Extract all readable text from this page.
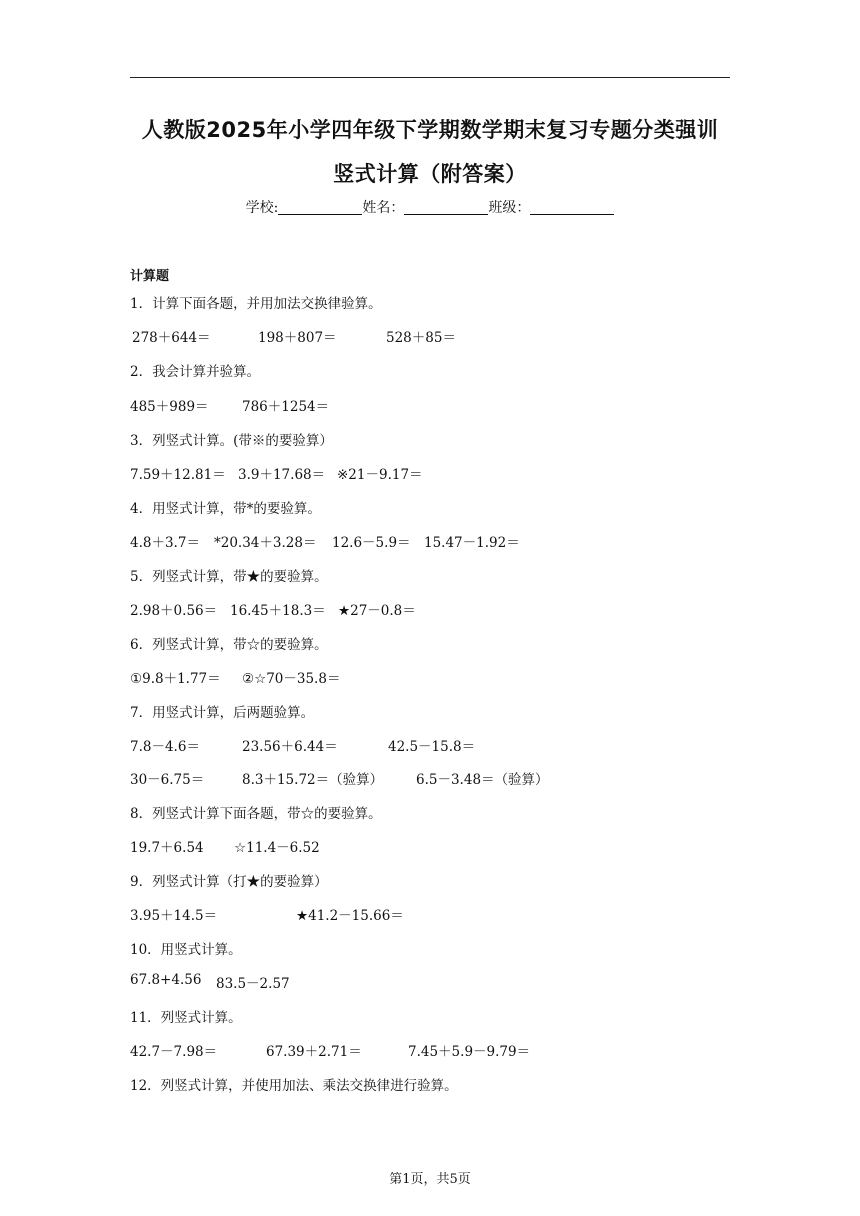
人教版2025年小学四年级下学期数学期末复习专题分类强训
竖式计算（附答案）
学校:	姓名：	班级：
计算题
1．计算下面各题，并用加法交换律验算。
278＋644＝	198＋807＝	528＋85＝
2．我会计算并验算。
485＋989＝ 786＋1254＝
3．列竖式计算。(带※的要验算）
7.59＋12.81＝ 3.9＋17.68＝ ※21－9.17＝
4．用竖式计算，带*的要验算。
4.8＋3.7＝ *20.34＋3.28＝ 12.6－5.9＝ 15.47－1.92＝
5．列竖式计算，带★的要验算。
2.98＋0.56＝ 16.45＋18.3＝ ★27－0.8＝
6．列竖式计算，带☆的要验算。
①9.8＋1.77＝ ②☆70－35.8＝
7．用竖式计算，后两题验算。
7.8－4.6＝	23.56＋6.44＝	42.5－15.8＝
30－6.75＝	8.3＋15.72＝（验算） 6.5－3.48＝（验算）
8．列竖式计算下面各题，带☆的要验算。
19.7＋6.54 ☆11.4－6.52
9．列竖式计算（打★的要验算）
3.95＋14.5＝	★41.2－15.66＝
10．用竖式计算。
67.8+4.56 83.5－2.57
11．列竖式计算。
42.7－7.98＝	67.39＋2.71＝	7.45＋5.9－9.79＝
12．列竖式计算，并使用加法、乘法交换律进行验算。
第1页，共5页
